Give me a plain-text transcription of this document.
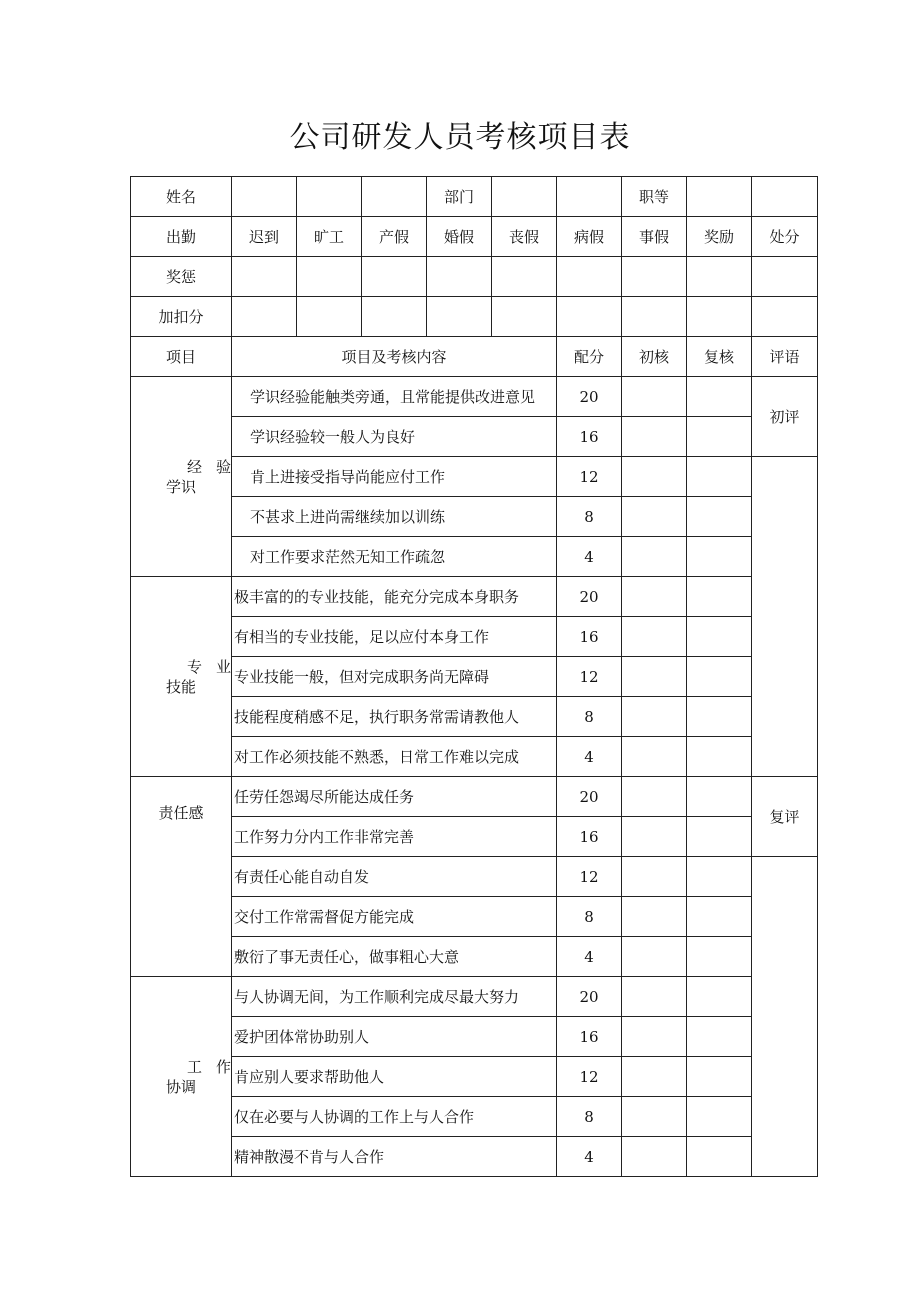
公司研发人员考核项目表
姓名				部门			职等		
出勤	迟到	旷工	产假	婚假	丧假	病假	事假	奖励	处分
奖惩									
加扣分									
项目	项目及考核内容					配分	初核	复核	评语

经 验
学识	学识经验能触类旁通，且常能提供改进意见					20			初评
	学识经验较一般人为良好					16			
	肯上进接受指导尚能应付工作					12			
	不甚求上进尚需继续加以训练					8			
	对工作要求茫然无知工作疏忽					4			

专 业
技能	极丰富的的专业技能，能充分完成本身职务					20			
	有相当的专业技能，足以应付本身工作					16			
	专业技能一般，但对完成职务尚无障碍					12			
	技能程度稍感不足，执行职务常需请教他人					8			
	对工作必须技能不熟悉，日常工作难以完成					4			
责任感	任劳任怨竭尽所能达成任务					20			复评
	工作努力分内工作非常完善					16			
	有责任心能自动自发					12			
	交付工作常需督促方能完成					8			
	敷衍了事无责任心，做事粗心大意					4			

工 作
协调	与人协调无间，为工作顺利完成尽最大努力					20			
	爱护团体常协助别人					16			
	肯应别人要求帮助他人					12			
	仅在必要与人协调的工作上与人合作					8			
	精神散漫不肯与人合作					4			
